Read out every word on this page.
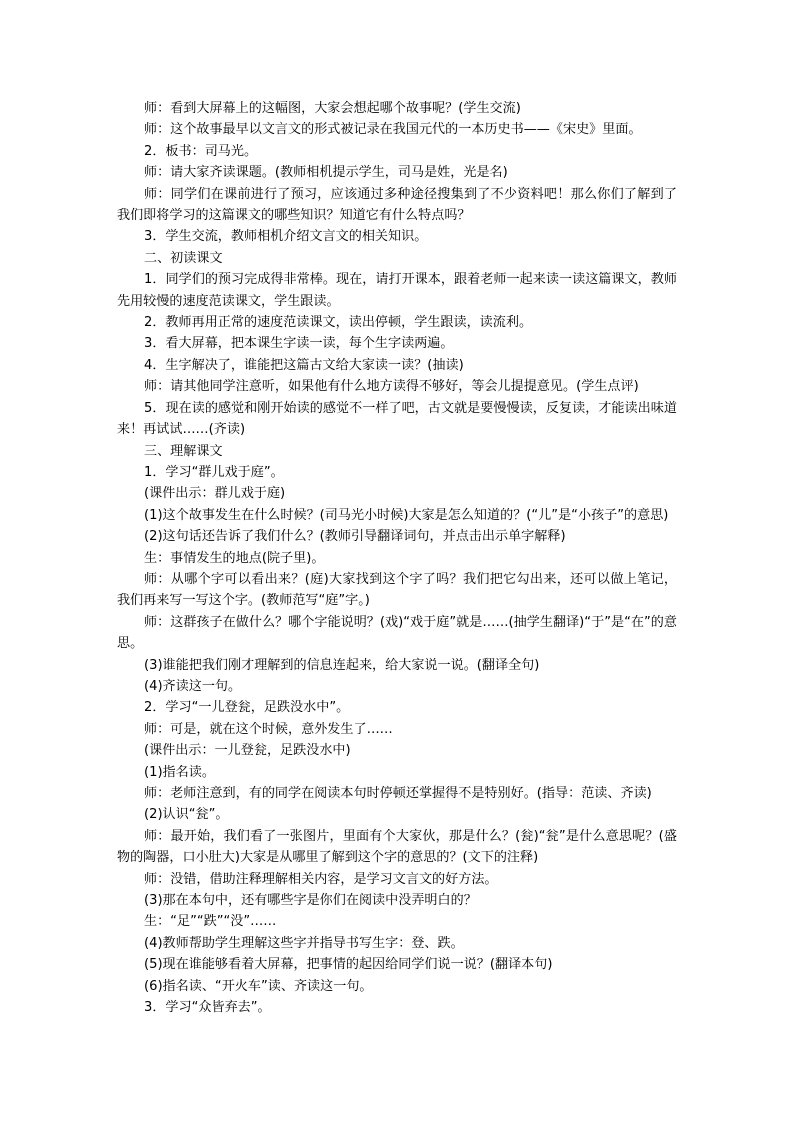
师：看到大屏幕上的这幅图，大家会想起哪个故事呢？(学生交流)

师：这个故事最早以文言文的形式被记录在我国元代的一本历史书——《宋史》里面。

2．板书：司马光。

师：请大家齐读课题。(教师相机提示学生，司马是姓，光是名)

师：同学们在课前进行了预习，应该通过多种途径搜集到了不少资料吧！那么你们了解到了我们即将学习的这篇课文的哪些知识？知道它有什么特点吗？

3．学生交流，教师相机介绍文言文的相关知识。

二、初读课文

1．同学们的预习完成得非常棒。现在，请打开课本，跟着老师一起来读一读这篇课文，教师先用较慢的速度范读课文，学生跟读。

2．教师再用正常的速度范读课文，读出停顿，学生跟读，读流利。

3．看大屏幕，把本课生字读一读，每个生字读两遍。

4．生字解决了，谁能把这篇古文给大家读一读？(抽读)

师：请其他同学注意听，如果他有什么地方读得不够好，等会儿提提意见。(学生点评)

5．现在读的感觉和刚开始读的感觉不一样了吧，古文就是要慢慢读，反复读，才能读出味道来！再试试……(齐读)

三、理解课文

1．学习“群儿戏于庭”。

(课件出示：群儿戏于庭)

(1)这个故事发生在什么时候？(司马光小时候)大家是怎么知道的？(“儿”是“小孩子”的意思)

(2)这句话还告诉了我们什么？(教师引导翻译词句，并点击出示单字解释)

生：事情发生的地点(院子里)。

师：从哪个字可以看出来？(庭)大家找到这个字了吗？我们把它勾出来，还可以做上笔记，我们再来写一写这个字。(教师范写“庭”字。)

师：这群孩子在做什么？哪个字能说明？(戏)“戏于庭”就是……(抽学生翻译)“于”是“在”的意思。

(3)谁能把我们刚才理解到的信息连起来，给大家说一说。(翻译全句)

(4)齐读这一句。

2．学习“一儿登瓮，足跌没水中”。

师：可是，就在这个时候，意外发生了……

(课件出示：一儿登瓮，足跌没水中)

(1)指名读。

师：老师注意到，有的同学在阅读本句时停顿还掌握得不是特别好。(指导：范读、齐读)

(2)认识“瓮”。

师：最开始，我们看了一张图片，里面有个大家伙，那是什么？(瓮)“瓮”是什么意思呢？(盛物的陶器，口小肚大)大家是从哪里了解到这个字的意思的？(文下的注释)

师：没错，借助注释理解相关内容，是学习文言文的好方法。

(3)那在本句中，还有哪些字是你们在阅读中没弄明白的？

生：“足”“跌”“没”……

(4)教师帮助学生理解这些字并指导书写生字：登、跌。

(5)现在谁能够看着大屏幕，把事情的起因给同学们说一说？(翻译本句)

(6)指名读、“开火车”读、齐读这一句。

3．学习“众皆弃去”。
